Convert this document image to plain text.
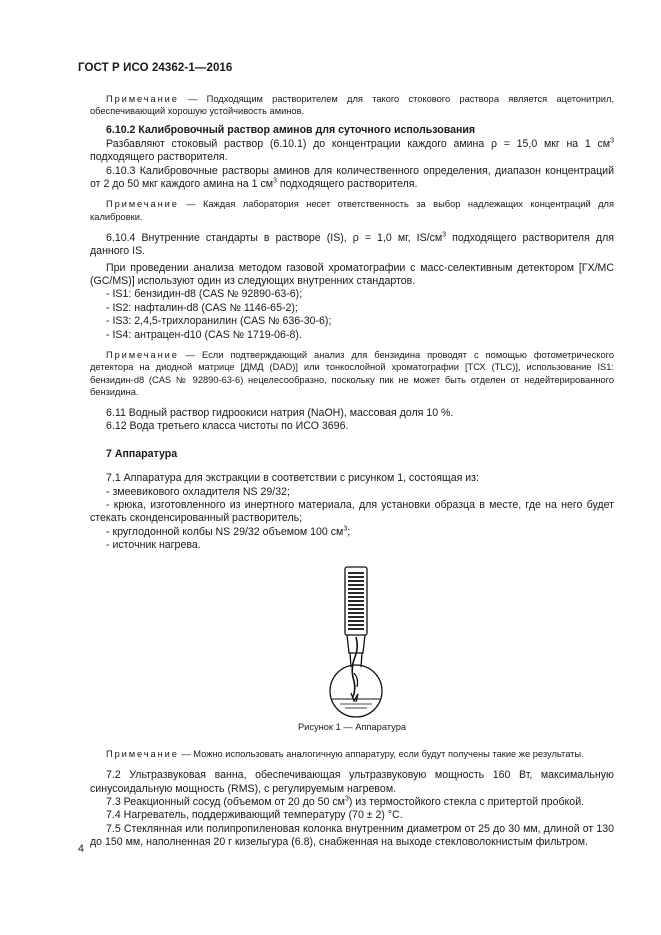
ГОСТ Р ИСО 24362-1—2016

Примечание — Подходящим растворителем для такого стокового раствора является ацетонитрил, обеспечивающий хорошую устойчивость аминов.

6.10.2 Калибровочный раствор аминов для суточного использования

Разбавляют стоковый раствор (6.10.1) до концентрации каждого амина ρ = 15,0 мкг на 1 $см^3$ подходящего растворителя.

6.10.3 Калибровочные растворы аминов для количественного определения, диапазон концентраций от 2 до 50 мкг каждого амина на 1 $см^3$ подходящего растворителя.

Примечание — Каждая лаборатория несет ответственность за выбор надлежащих концентраций для калибровки.

6.10.4 Внутренние стандарты в растворе (IS), ρ = 1,0 мг, $IS/см^3$ подходящего растворителя для данного IS.

При проведении анализа методом газовой хроматографии с масс-селективным детектором [ГХ/МС (GC/MS)] используют один из следующих внутренних стандартов.

- IS1: бензидин-d8 (CAS № 92890-63-6);

- IS2: нафталин-d8 (CAS № 1146-65-2);

- IS3: 2,4,5-трихлоранилин (CAS № 636-30-6);

- IS4: антрацен-d10 (CAS № 1719-06-8).

Примечание — Если подтверждающий анализ для бензидина проводят с помощью фотометрического детектора на диодной матрице [ДМД (DAD)] или тонкослойной хроматографии [ТСХ (TLC)], использование IS1: бензидин-d8 (CAS № 92890-63-6) нецелесообразно, поскольку пик не может быть отделен от недейтерированного бензидина.

6.11 Водный раствор гидроокиси натрия (NaOH), массовая доля 10 %.

6.12 Вода третьего класса чистоты по ИСО 3696.

7 Аппаратура

7.1 Аппаратура для экстракции в соответствии с рисунком 1, состоящая из:

- змеевикового охладителя NS 29/32;

- крюка, изготовленного из инертного материала, для установки образца в месте, где на него будет стекать сконденсированный растворитель;

- круглодонной колбы NS 29/32 объемом 100 $см^3$;

- источник нагрева.

Рисунок 1 — Аппаратура

Примечание — Можно использовать аналогичную аппаратуру, если будут получены такие же результаты.

7.2 Ультразвуковая ванна, обеспечивающая ультразвуковую мощность 160 Вт, максимальную синусоидальную мощность (RMS), с регулируемым нагревом.

7.3 Реакционный сосуд (объемом от 20 до 50 $см^3$) из термостойкого стекла с притертой пробкой.

7.4 Нагреватель, поддерживающий температуру (70 ± 2) °С.

7.5 Стеклянная или полипропиленовая колонка внутренним диаметром от 25 до 30 мм, длиной от 130 до 150 мм, наполненная 20 г кизельгура (6.8), снабженная на выходе стекловолокнистым фильтром.

4
